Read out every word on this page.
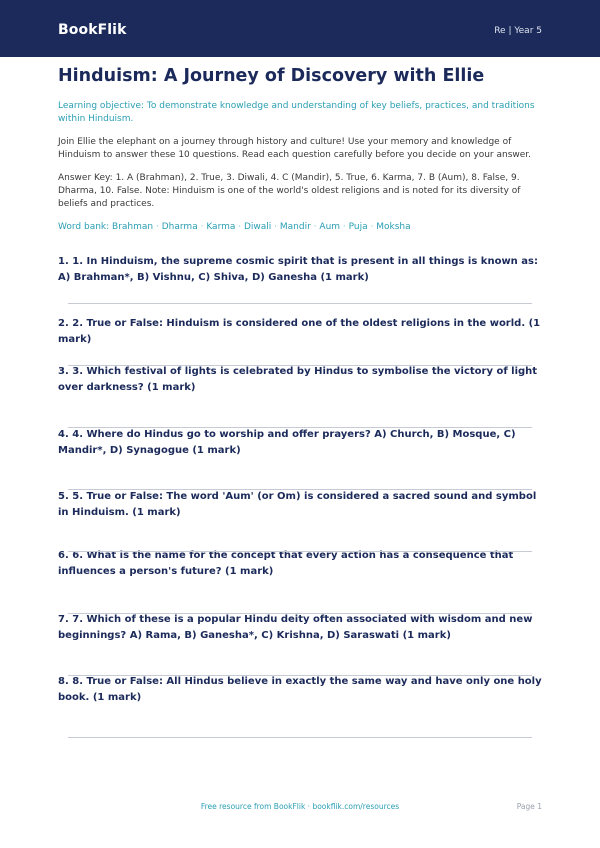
BookFlik	Re | Year 5
Hinduism: A Journey of Discovery with Ellie
Learning objective: To demonstrate knowledge and understanding of key beliefs, practices, and traditions within Hinduism.
Join Ellie the elephant on a journey through history and culture! Use your memory and knowledge of Hinduism to answer these 10 questions. Read each question carefully before you decide on your answer.
Answer Key: 1. A (Brahman), 2. True, 3. Diwali, 4. C (Mandir), 5. True, 6. Karma, 7. B (Aum), 8. False, 9. Dharma, 10. False. Note: Hinduism is one of the world's oldest religions and is noted for its diversity of beliefs and practices.
Word bank: Brahman · Dharma · Karma · Diwali · Mandir · Aum · Puja · Moksha
1. 1. In Hinduism, the supreme cosmic spirit that is present in all things is known as: A) Brahman*, B) Vishnu, C) Shiva, D) Ganesha (1 mark)
2. 2. True or False: Hinduism is considered one of the oldest religions in the world. (1 mark)
3. 3. Which festival of lights is celebrated by Hindus to symbolise the victory of light over darkness? (1 mark)
4. 4. Where do Hindus go to worship and offer prayers? A) Church, B) Mosque, C) Mandir*, D) Synagogue (1 mark)
5. 5. True or False: The word 'Aum' (or Om) is considered a sacred sound and symbol in Hinduism. (1 mark)
6. 6. What is the name for the concept that every action has a consequence that influences a person's future? (1 mark)
7. 7. Which of these is a popular Hindu deity often associated with wisdom and new beginnings? A) Rama, B) Ganesha*, C) Krishna, D) Saraswati (1 mark)
8. 8. True or False: All Hindus believe in exactly the same way and have only one holy book. (1 mark)
Free resource from BookFlik · bookflik.com/resources	Page 1
